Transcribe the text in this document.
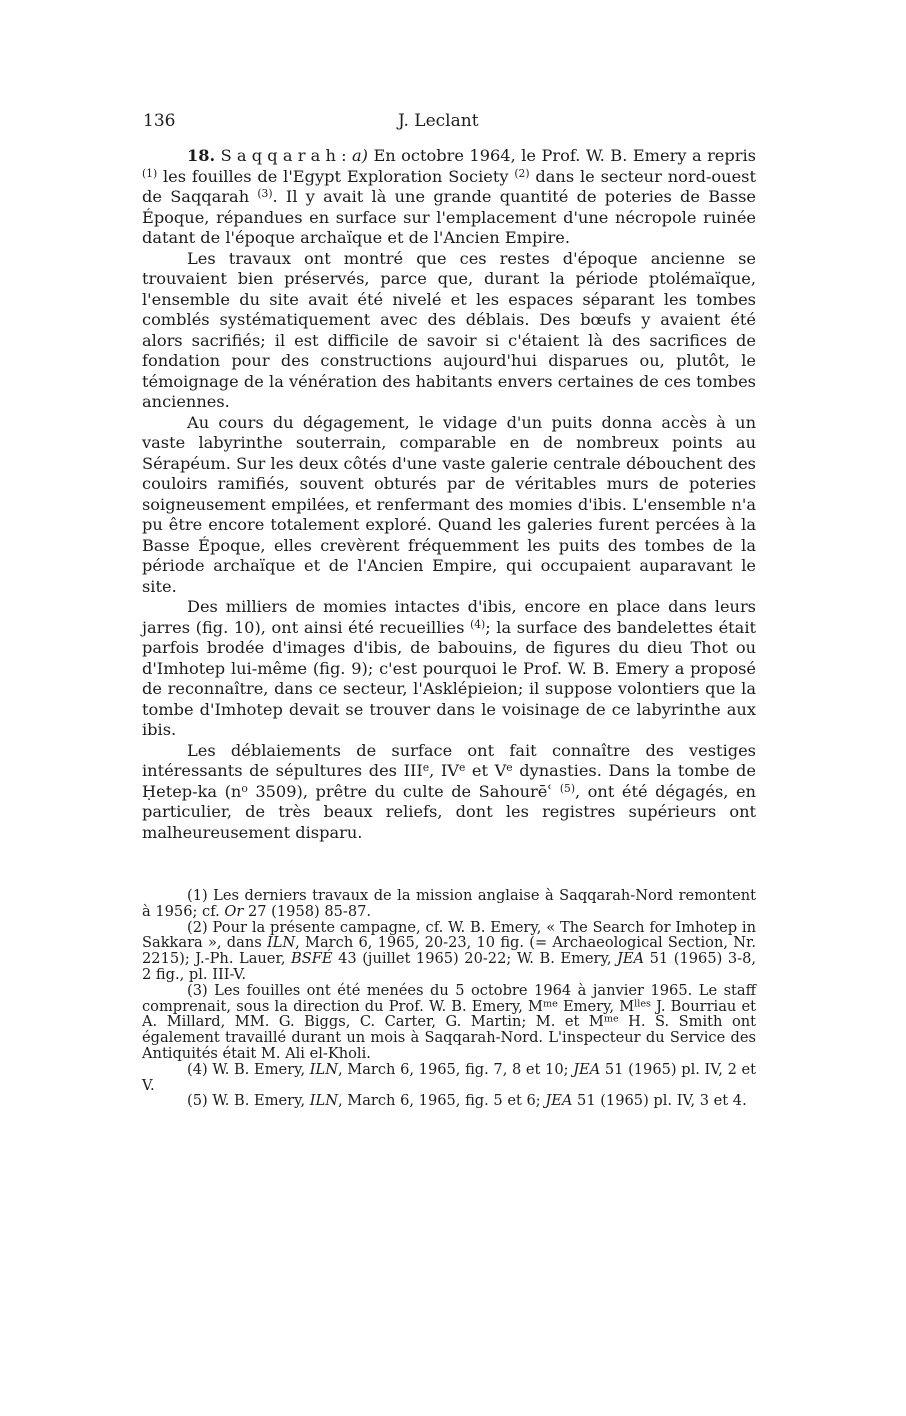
136	J. Leclant

18. Saqqarah: a) En octobre 1964, le Prof. W. B. Emery a repris $^{(1)}$ les fouilles de l'Egypt Exploration Society $^{(2)}$ dans le secteur nord-ouest de Saqqarah $^{(3)}$. Il y avait là une grande quantité de poteries de Basse Époque, répandues en surface sur l'emplacement d'une nécropole ruinée datant de l'époque archaïque et de l'Ancien Empire.

Les travaux ont montré que ces restes d'époque ancienne se trouvaient bien préservés, parce que, durant la période ptolémaïque, l'ensemble du site avait été nivelé et les espaces séparant les tombes comblés systématiquement avec des déblais. Des bœufs y avaient été alors sacrifiés; il est difficile de savoir si c'étaient là des sacrifices de fondation pour des constructions aujourd'hui disparues ou, plutôt, le témoignage de la vénération des habitants envers certaines de ces tombes anciennes.

Au cours du dégagement, le vidage d'un puits donna accès à un vaste labyrinthe souterrain, comparable en de nombreux points au Sérapéum. Sur les deux côtés d'une vaste galerie centrale débouchent des couloirs ramifiés, souvent obturés par de véritables murs de poteries soigneusement empilées, et renfermant des momies d'ibis. L'ensemble n'a pu être encore totalement exploré. Quand les galeries furent percées à la Basse Époque, elles crevèrent fréquemment les puits des tombes de la période archaïque et de l'Ancien Empire, qui occupaient auparavant le site.

Des milliers de momies intactes d'ibis, encore en place dans leurs jarres (fig. 10), ont ainsi été recueillies $^{(4)}$; la surface des bandelettes était parfois brodée d'images d'ibis, de babouins, de figures du dieu Thot ou d'Imhotep lui-même (fig. 9); c'est pourquoi le Prof. W. B. Emery a proposé de reconnaître, dans ce secteur, l'Asklépieion; il suppose volontiers que la tombe d'Imhotep devait se trouver dans le voisinage de ce labyrinthe aux ibis.

Les déblaiements de surface ont fait connaître des vestiges intéressants de sépultures des IIIe, IVe et Ve dynasties. Dans la tombe de Ḥetep-ka ($n^o$ 3509), prêtre du culte de Sahourēʿ $^{(5)}$, ont été dégagés, en particulier, de très beaux reliefs, dont les registres supérieurs ont malheureusement disparu.

(1) Les derniers travaux de la mission anglaise à Saqqarah-Nord remontent à 1956; cf. Or 27 (1958) 85-87.

(2) Pour la présente campagne, cf. W. B. Emery, « The Search for Imhotep in Sakkara », dans ILN, March 6, 1965, 20-23, 10 fig. (= Archaeological Section, Nr. 2215); J.-Ph. Lauer, BSFÉ 43 (juillet 1965) 20-22; W. B. Emery, JEA 51 (1965) 3-8, 2 fig., pl. III-V.

(3) Les fouilles ont été menées du 5 octobre 1964 à janvier 1965. Le staff comprenait, sous la direction du Prof. W. B. Emery, $M^{me}$ Emery, $M^{lles}$ J. Bourriau et A. Millard, MM. G. Biggs, C. Carter, G. Martin; M. et $M^{me}$ H. S. Smith ont également travaillé durant un mois à Saqqarah-Nord. L'inspecteur du Service des Antiquités était M. Ali el-Kholi.

(4) W. B. Emery, ILN, March 6, 1965, fig. 7, 8 et 10; JEA 51 (1965) pl. IV, 2 et V.

(5) W. B. Emery, ILN, March 6, 1965, fig. 5 et 6; JEA 51 (1965) pl. IV, 3 et 4.
